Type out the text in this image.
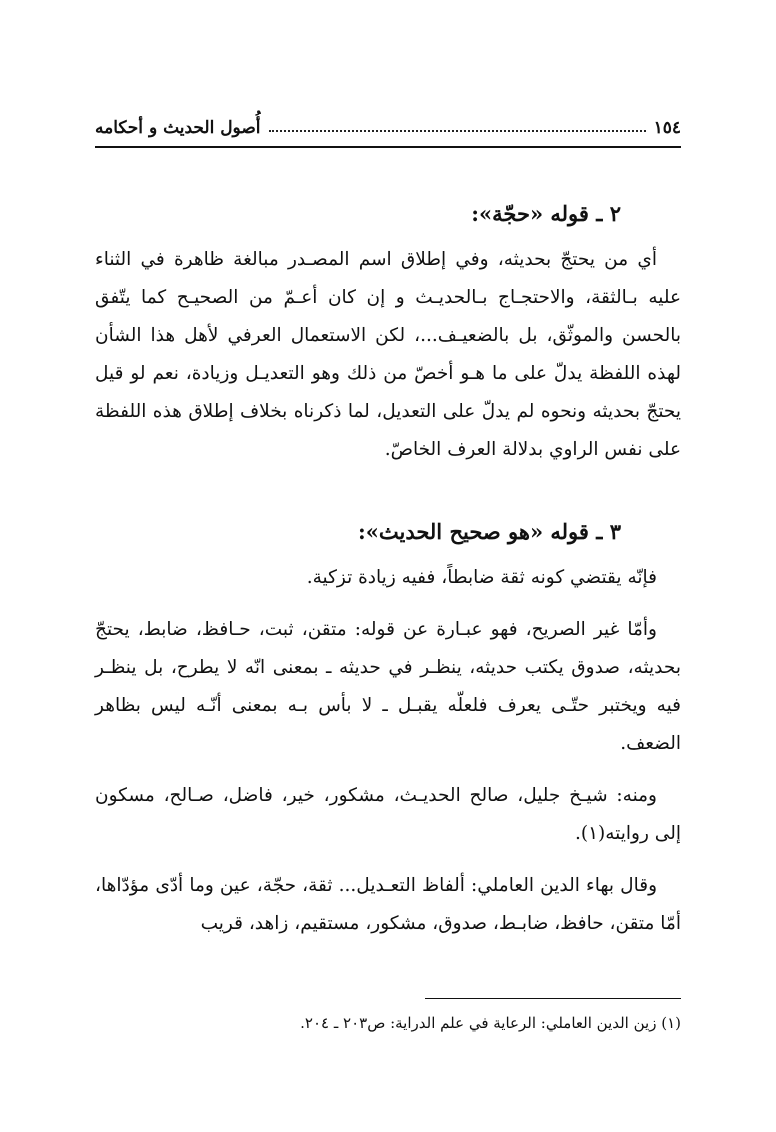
١٥٤
أُصول الحديث و أحكامه

٢ ـ قوله «حجّة»:

أي من يحتجّ بحديثه، وفي إطلاق اسم المصـدر مبالغة ظاهرة في الثناء عليه بـالثقة، والاحتجـاج بـالحديـث و إن كان أعـمّ من الصحيـح كما يتّفق بالحسن والموثّق، بل بالضعيـف...، لكن الاستعمال العرفي لأهل هذا الشأن لهذه اللفظة يدلّ على ما هـو أخصّ من ذلك وهو التعديـل وزيادة، نعم لو قيل يحتجّ بحديثه ونحوه لم يدلّ على التعديل، لما ذكرناه بخلاف إطلاق هذه اللفظة على نفس الراوي بدلالة العرف الخاصّ.

٣ ـ قوله «هو صحيح الحديث»:

فإنّه يقتضي كونه ثقة ضابطاً، ففيه زيادة تزكية.

وأمّا غير الصريح، فهو عبـارة عن قوله: متقن، ثبت، حـافظ، ضابط، يحتجّ بحديثه، صدوق يكتب حديثه، ينظـر في حديثه ـ بمعنى انّه لا يطرح، بل ينظـر فيه ويختبر حتّـى يعرف فلعلّه يقبـل ـ لا بأس بـه بمعنى أنّـه ليس بظاهر الضعف.

ومنه: شيـخ جليل، صالح الحديـث، مشكور، خير، فاضل، صـالح، مسكون إلى روايته(١).

وقال بهاء الدين العاملي: ألفاظ التعـديل... ثقة، حجّة، عين وما أدّى مؤدّاها، أمّا متقن، حافظ، ضابـط، صدوق، مشكور، مستقيم، زاهد، قريب

(١) زين الدين العاملي: الرعاية في علم الدراية: ص٢٠٣ ـ ٢٠٤.
